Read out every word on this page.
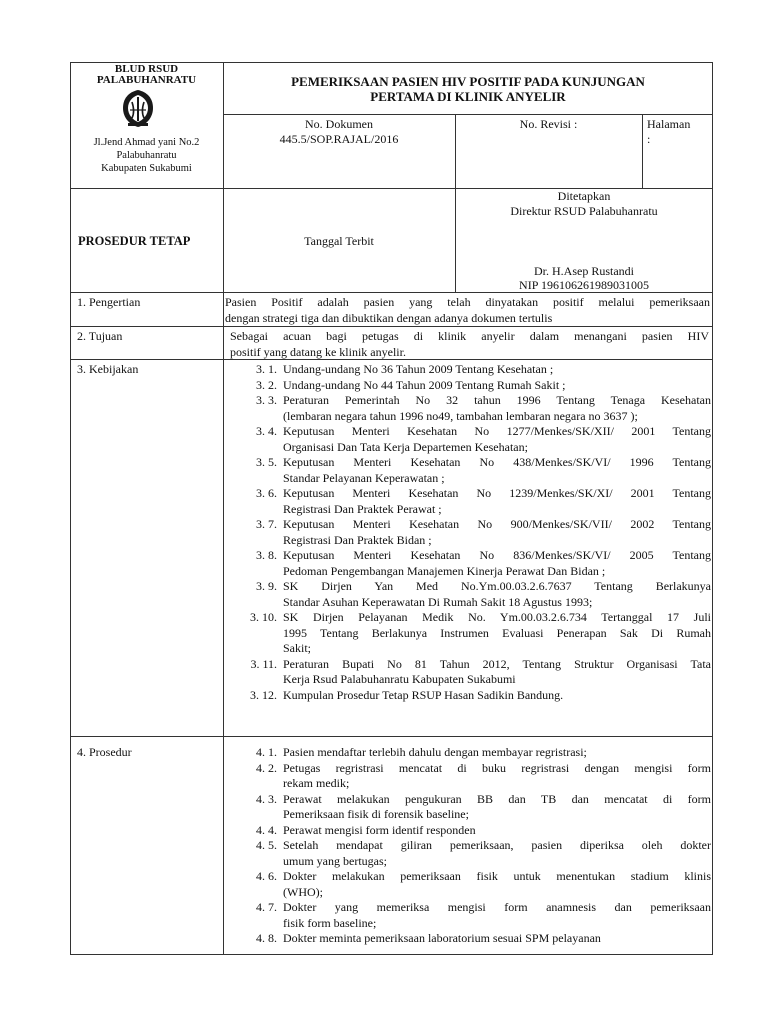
BLUD RSUD
PALABUHANRATU
Jl.Jend Ahmad yani No.2
Palabuhanratu
Kabupaten Sukabumi
PEMERIKSAAN PASIEN HIV POSITIF PADA KUNJUNGAN
PERTAMA DI KLINIK ANYELIR
No. Dokumen
445.5/SOP.RAJAL/2016
No. Revisi :	Halaman
:
PROSEDUR TETAP	Tanggal Terbit
Ditetapkan
Direktur RSUD Palabuhanratu
Dr. H.Asep Rustandi
NIP 196106261989031005
1. Pengertian	Pasien Positif adalah pasien yang telah dinyatakan positif melalui pemeriksaan
dengan strategi tiga dan dibuktikan dengan adanya dokumen tertulis
2. Tujuan	Sebagai acuan bagi petugas di klinik anyelir dalam menangani pasien HIV
positif yang datang ke klinik anyelir.
3. Kebijakan	3. 1. Undang-undang No 36 Tahun 2009 Tentang Kesehatan ;
3. 2. Undang-undang No 44 Tahun 2009 Tentang Rumah Sakit ;
3. 3. Peraturan Pemerintah No 32 tahun 1996 Tentang Tenaga Kesehatan
(lembaran negara tahun 1996 no49, tambahan lembaran negara no 3637 );
3. 4. Keputusan Menteri Kesehatan No 1277/Menkes/SK/XII/ 2001 Tentang
Organisasi Dan Tata Kerja Departemen Kesehatan;
3. 5. Keputusan Menteri Kesehatan No 438/Menkes/SK/VI/ 1996 Tentang
Standar Pelayanan Keperawatan ;
3. 6. Keputusan Menteri Kesehatan No 1239/Menkes/SK/XI/ 2001 Tentang
Registrasi Dan Praktek Perawat ;
3. 7. Keputusan Menteri Kesehatan No 900/Menkes/SK/VII/ 2002 Tentang
Registrasi Dan Praktek Bidan ;
3. 8. Keputusan Menteri Kesehatan No 836/Menkes/SK/VI/ 2005 Tentang
Pedoman Pengembangan Manajemen Kinerja Perawat Dan Bidan ;
3. 9. SK Dirjen Yan Med No.Ym.00.03.2.6.7637 Tentang Berlakunya
Standar Asuhan Keperawatan Di Rumah Sakit 18 Agustus 1993;
3. 10. SK Dirjen Pelayanan Medik No. Ym.00.03.2.6.734 Tertanggal 17 Juli
1995 Tentang Berlakunya Instrumen Evaluasi Penerapan Sak Di Rumah
Sakit;
3. 11. Peraturan Bupati No 81 Tahun 2012, Tentang Struktur Organisasi Tata
Kerja Rsud Palabuhanratu Kabupaten Sukabumi
3. 12. Kumpulan Prosedur Tetap RSUP Hasan Sadikin Bandung.
4. Prosedur	4. 1. Pasien mendaftar terlebih dahulu dengan membayar regristrasi;
4. 2. Petugas regristrasi mencatat di buku regristrasi dengan mengisi form
rekam medik;
4. 3. Perawat melakukan pengukuran BB dan TB dan mencatat di form
Pemeriksaan fisik di forensik baseline;
4. 4. Perawat mengisi form identif responden
4. 5. Setelah mendapat giliran pemeriksaan, pasien diperiksa oleh dokter
umum yang bertugas;
4. 6. Dokter melakukan pemeriksaan fisik untuk menentukan stadium klinis
(WHO);
4. 7. Dokter yang memeriksa mengisi form anamnesis dan pemeriksaan
fisik form baseline;
4. 8. Dokter meminta pemeriksaan laboratorium sesuai SPM pelayanan
